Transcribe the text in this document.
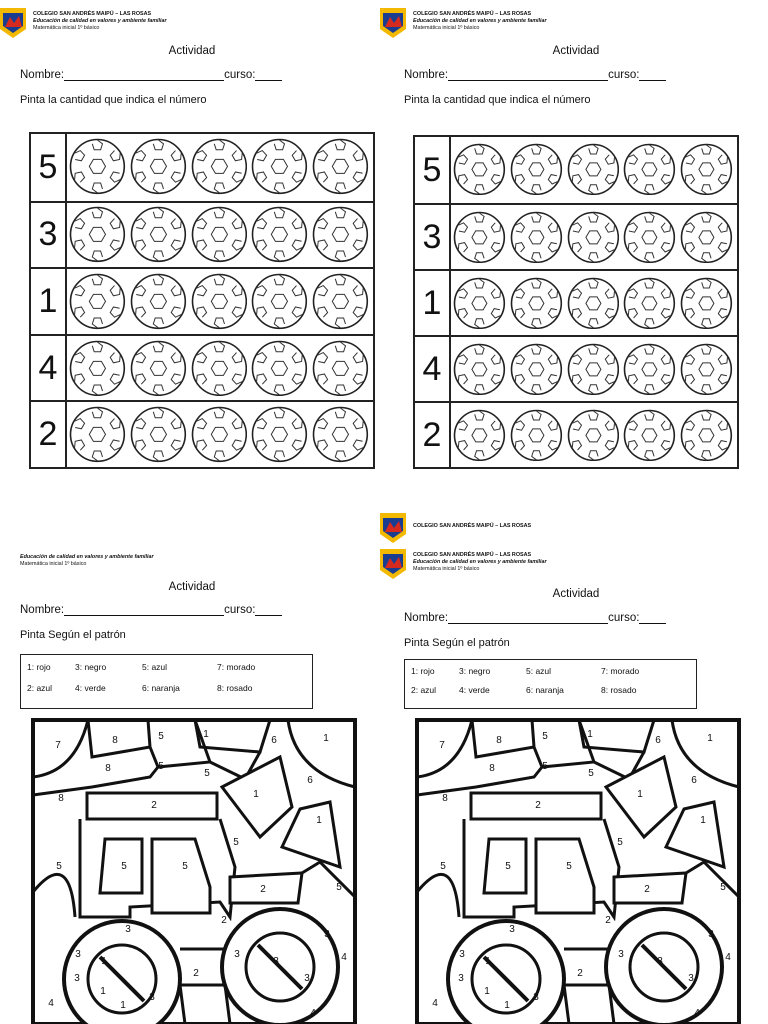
COLEGIO SAN ANDRÉS MAIPÚ – LAS ROSAS
Educación de calidad en valores y ambiente familiar
Matemática inicial 1º básico
Actividad
Nombre:	curso:
Pinta la cantidad que indica el número
5
3
1
4
2
COLEGIO SAN ANDRÉS MAIPÚ – LAS ROSAS
Educación de calidad en valores y ambiente familiar
Matemática inicial 1º básico
Actividad
Nombre:	curso:
Pinta la cantidad que indica el número
5
3
1
4
2
Educación de calidad en valores y ambiente familiar
Matemática inicial 1º básico
Actividad
Nombre:	curso:
Pinta Según el patrón
1: rojo	3: negro	5: azul	7: morado
2: azul	4: verde	6: naranja	8: rosado
7	8	5	1
6	1
8	5
5
6
8
2
1
1
5
5	5	5
2	5
3
2
3
3	3
4
3
1
2	3
4
1
1
3
3
4
COLEGIO SAN ANDRÉS MAIPÚ – LAS ROSAS
COLEGIO SAN ANDRÉS MAIPÚ – LAS ROSAS
Educación de calidad en valores y ambiente familiar
Matemática inicial 1º básico
Actividad
Nombre:	curso:
Pinta Según el patrón
1: rojo	3: negro	5: azul	7: morado
2: azul	4: verde	6: naranja	8: rosado
7	8	5	1
6	1
8	5
5
6
8
2
1
1
5
5	5	5
2	5
3
2
3
3	3
4
3
1
2	3
4
1
1
3
3
4
